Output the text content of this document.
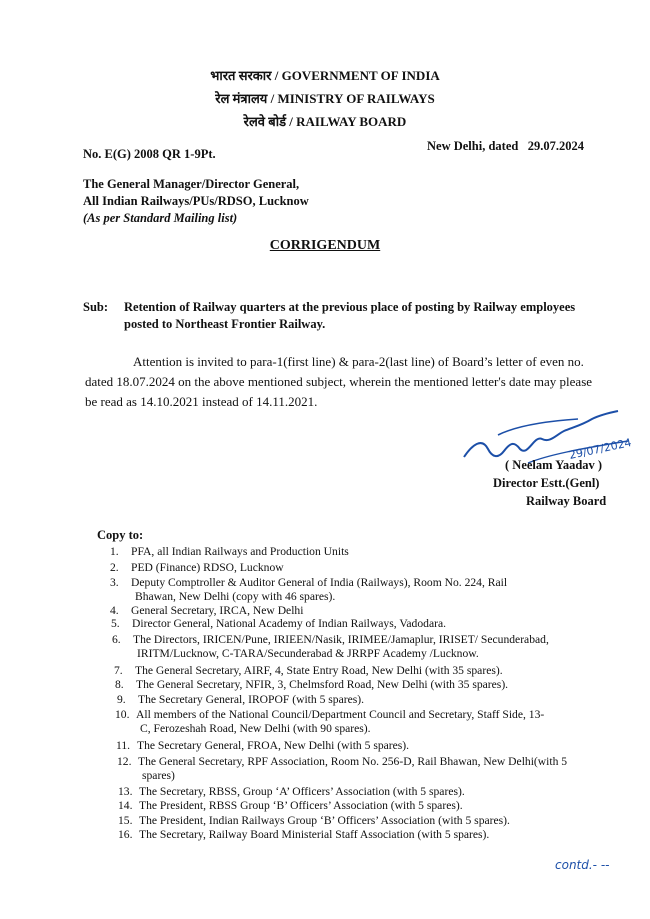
भारत सरकार / GOVERNMENT OF INDIA
रेल मंत्रालय / MINISTRY OF RAILWAYS
रेलवे बोर्ड / RAILWAY BOARD
No. E(G) 2008 QR 1-9Pt.
New Delhi, dated 29.07.2024
The General Manager/Director General,
All Indian Railways/PUs/RDSO, Lucknow
(As per Standard Mailing list)
CORRIGENDUM
Sub: Retention of Railway quarters at the previous place of posting by Railway employees
posted to Northeast Frontier Railway.
Attention is invited to para-1(first line) & para-2(last line) of Board’s letter of even no.
dated 18.07.2024 on the above mentioned subject, wherein the mentioned letter's date may please
be read as 14.10.2021 instead of 14.11.2021.
29/07/2024
( Neelam Yaadav )
Director Estt.(Genl)
Railway Board
Copy to:
1. PFA, all Indian Railways and Production Units
2. PED (Finance) RDSO, Lucknow
3. Deputy Comptroller & Auditor General of India (Railways), Room No. 224, Rail
Bhawan, New Delhi (copy with 46 spares).
4. General Secretary, IRCA, New Delhi
5. Director General, National Academy of Indian Railways, Vadodara.
6. The Directors, IRICEN/Pune, IRIEEN/Nasik, IRIMEE/Jamaplur, IRISET/ Secunderabad,
IRITM/Lucknow, C-TARA/Secunderabad & JRRPF Academy /Lucknow.
7. The General Secretary, AIRF, 4, State Entry Road, New Delhi (with 35 spares).
8. The General Secretary, NFIR, 3, Chelmsford Road, New Delhi (with 35 spares).
9. The Secretary General, IROPOF (with 5 spares).
10. All members of the National Council/Department Council and Secretary, Staff Side, 13-
C, Ferozeshah Road, New Delhi (with 90 spares).
11. The Secretary General, FROA, New Delhi (with 5 spares).
12. The General Secretary, RPF Association, Room No. 256-D, Rail Bhawan, New Delhi(with 5
spares)
13. The Secretary, RBSS, Group ‘A’ Officers’ Association (with 5 spares).
14. The President, RBSS Group ‘B’ Officers’ Association (with 5 spares).
15. The President, Indian Railways Group ‘B’ Officers’ Association (with 5 spares).
16. The Secretary, Railway Board Ministerial Staff Association (with 5 spares).
contd.- --
